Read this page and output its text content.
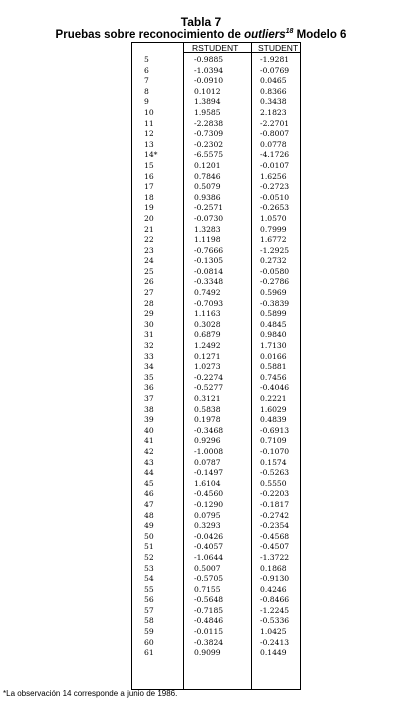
Tabla 7
Pruebas sobre reconocimiento de outliers$^{18}$ Modelo 6
RSTUDENT STUDENT
5	-0.9885	-1.9281
6	-1.0394	-0.0769
7	-0.0910	0.0465
8	0.1012	0.8366
9	1.3894	0.3438
10	1.9585	2.1823
11	-2.2838	-2.2701
12	-0.7309	-0.8007
13	-0.2302	0.0778
14*	-6.5575	-4.1726
15	0.1201	-0.0107
16	0.7846	1.6256
17	0.5079	-0.2723
18	0.9386	-0.0510
19	-0.2571	-0.2653
20	-0.0730	1.0570
21	1.3283	0.7999
22	1.1198	1.6772
23	-0.7666	-1.2925
24	-0.1305	0.2732
25	-0.0814	-0.0580
26	-0.3348	-0.2786
27	0.7492	0.5969
28	-0.7093	-0.3839
29	1.1163	0.5899
30	0.3028	0.4845
31	0.6879	0.9840
32	1.2492	1.7130
33	0.1271	0.0166
34	1.0273	0.5881
35	-0.2274	0.7456
36	-0.5277	-0.4046
37	0.3121	0.2221
38	0.5838	1.6029
39	0.1978	0.4839
40	-0.3468	-0.6913
41	0.9296	0.7109
42	-1.0008	-0.1070
43	0.0787	0.1574
44	-0.1497	-0.5263
45	1.6104	0.5550
46	-0.4560	-0.2203
47	-0.1290	-0.1817
48	0.0795	-0.2742
49	0.3293	-0.2354
50	-0.0426	-0.4568
51	-0.4057	-0.4507
52	-1.0644	-1.3722
53	0.5007	0.1868
54	-0.5705	-0.9130
55	0.7155	0.4246
56	-0.5648	-0.8466
57	-0.7185	-1.2245
58	-0.4846	-0.5336
59	-0.0115	1.0425
60	-0.3824	-0.2413
61	0.9099	0.1449
*La observación 14 corresponde a junio de 1986.
